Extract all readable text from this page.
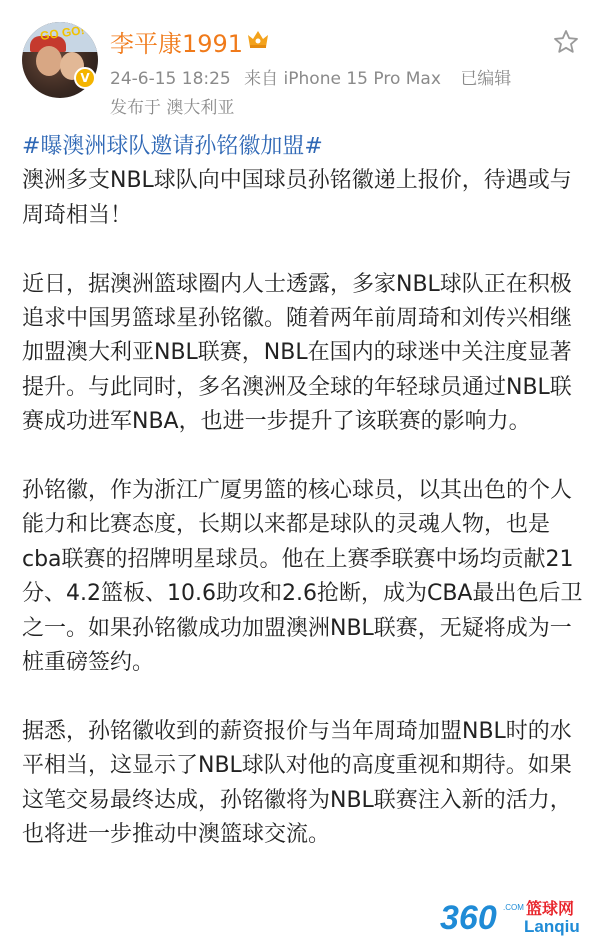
GO GO!
V
李平康1991
24-6-15 18:25 来自 iPhone 15 Pro Max 已编辑
发布于 澳大利亚

#曝澳洲球队邀请孙铭徽加盟#

澳洲多支NBL球队向中国球员孙铭徽递上报价，待遇或与周琦相当！

近日，据澳洲篮球圈内人士透露，多家NBL球队正在积极追求中国男篮球星孙铭徽。随着两年前周琦和刘传兴相继加盟澳大利亚NBL联赛，NBL在国内的球迷中关注度显著提升。与此同时，多名澳洲及全球的年轻球员通过NBL联赛成功进军NBA，也进一步提升了该联赛的影响力。

孙铭徽，作为浙江广厦男篮的核心球员，以其出色的个人能力和比赛态度，长期以来都是球队的灵魂人物，也是cba联赛的招牌明星球员。他在上赛季联赛中场均贡献21分、4.2篮板、10.6助攻和2.6抢断，成为CBA最出色后卫之一。如果孙铭徽成功加盟澳洲NBL联赛，无疑将成为一桩重磅签约。

据悉，孙铭徽收到的薪资报价与当年周琦加盟NBL时的水平相当，这显示了NBL球队对他的高度重视和期待。如果这笔交易最终达成，孙铭徽将为NBL联赛注入新的活力，也将进一步推动中澳篮球交流。

360 .COM 篮球网
Lanqiu
